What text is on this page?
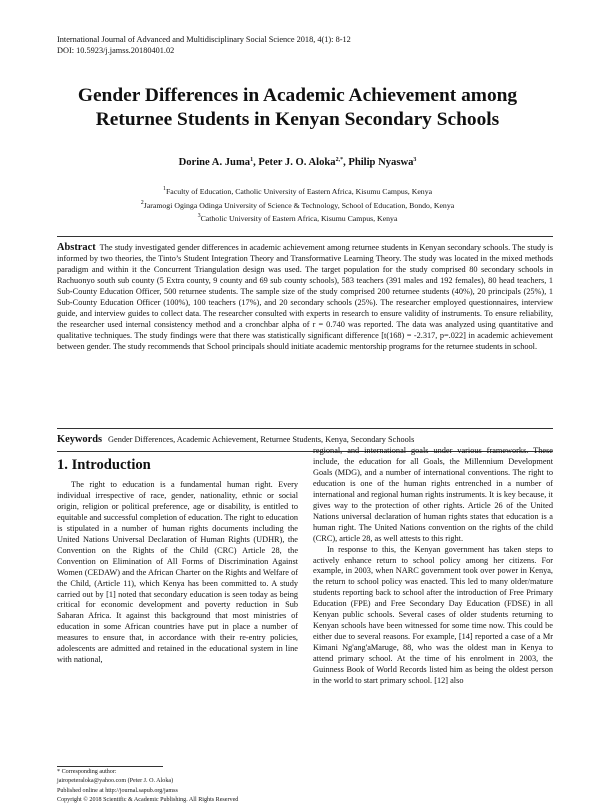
International Journal of Advanced and Multidisciplinary Social Science 2018, 4(1): 8-12
DOI: 10.5923/j.jamss.20180401.02
Gender Differences in Academic Achievement among
Returnee Students in Kenyan Secondary Schools
Dorine A. Juma$^1$, Peter J. O. Aloka$^{2,*}$, Philip Nyaswa$^3$
$^1$Faculty of Education, Catholic University of Eastern Africa, Kisumu Campus, Kenya
$^2$Jaramogi Oginga Odinga University of Science & Technology, School of Education, Bondo, Kenya
$^3$Catholic University of Eastern Africa, Kisumu Campus, Kenya
Abstract The study investigated gender differences in academic achievement among returnee students in Kenyan secondary schools. The study is informed by two theories, the Tinto’s Student Integration Theory and Transformative Learning Theory. The study was located in the mixed methods paradigm and within it the Concurrent Triangulation design was used. The target population for the study comprised 80 secondary schools in Rachuonyo south sub county (5 Extra county, 9 county and 69 sub county schools), 583 teachers (391 males and 192 females), 80 head teachers, 1 Sub-County Education Officer, 500 returnee students. The sample size of the study comprised 200 returnee students (40%), 20 principals (25%), 1 Sub-County Education Officer (100%), 100 teachers (17%), and 20 secondary schools (25%). The researcher employed questionnaires, interview guide, and interview guides to collect data. The researcher consulted with experts in research to ensure validity of instruments. To ensure reliability, the researcher used internal consistency method and a cronchbar alpha of r = 0.740 was reported. The data was analyzed using quantitative and qualitative techniques. The study findings were that there was statistically significant difference [t(168) = -2.317, p=.022] in academic achievement between gender. The study recommends that School principals should initiate academic mentorship programs for the returnee students in school.
Keywords Gender Differences, Academic Achievement, Returnee Students, Kenya, Secondary Schools
1. Introduction

The right to education is a fundamental human right. Every individual irrespective of race, gender, nationality, ethnic or social origin, religion or political preference, age or disability, is entitled to equitable and successful completion of education. The right to education is stipulated in a number of human rights documents including the United Nations Universal Declaration of Human Rights (UDHR), the Convention on the Rights of the Child (CRC) Article 28, the Convention on Elimination of All Forms of Discrimination Against Women (CEDAW) and the African Charter on the Rights and Welfare of the Child, (Article 11), which Kenya has been committed to. A study carried out by [1] noted that secondary education is seen today as being critical for economic development and poverty reduction in Sub Saharan Africa. It against this background that most ministries of education in some African countries have put in place a number of measures to ensure that, in accordance with their re-entry policies, adolescents are admitted and retained in the educational system in line with national,

regional, and international goals under various frameworks. These include, the education for all Goals, the Millennium Development Goals (MDG), and a number of international conventions. The right to education is one of the human rights entrenched in a number of international and regional human rights instruments. It is key because, it gives way to the protection of other rights. Article 26 of the United Nations universal declaration of human rights states that education is a human right. The United Nations convention on the rights of the child (CRC), article 28, as well attests to this right.

In response to this, the Kenyan government has taken steps to actively enhance return to school policy among her citizens. For example, in 2003, when NARC government took over power in Kenya, the return to school policy was enacted. This led to many older/mature students reporting back to school after the introduction of Free Primary Education (FPE) and Free Secondary Day Education (FDSE) in all Kenyan public schools. Several cases of older students returning to Kenyan schools have been witnessed for some time now. This could be either due to several reasons. For example, [14] reported a case of a Mr Kimani Ng'ang'aMaruge, 88, who was the oldest man in Kenya to attend primary school. At the time of his enrolment in 2003, the Guinness Book of World Records listed him as being the oldest person in the world to start primary school. [12] also

* Corresponding author:
jairopeteraloka@yahoo.com (Peter J. O. Aloka)
Published online at http://journal.sapub.org/jamss
Copyright © 2018 Scientific & Academic Publishing. All Rights Reserved
